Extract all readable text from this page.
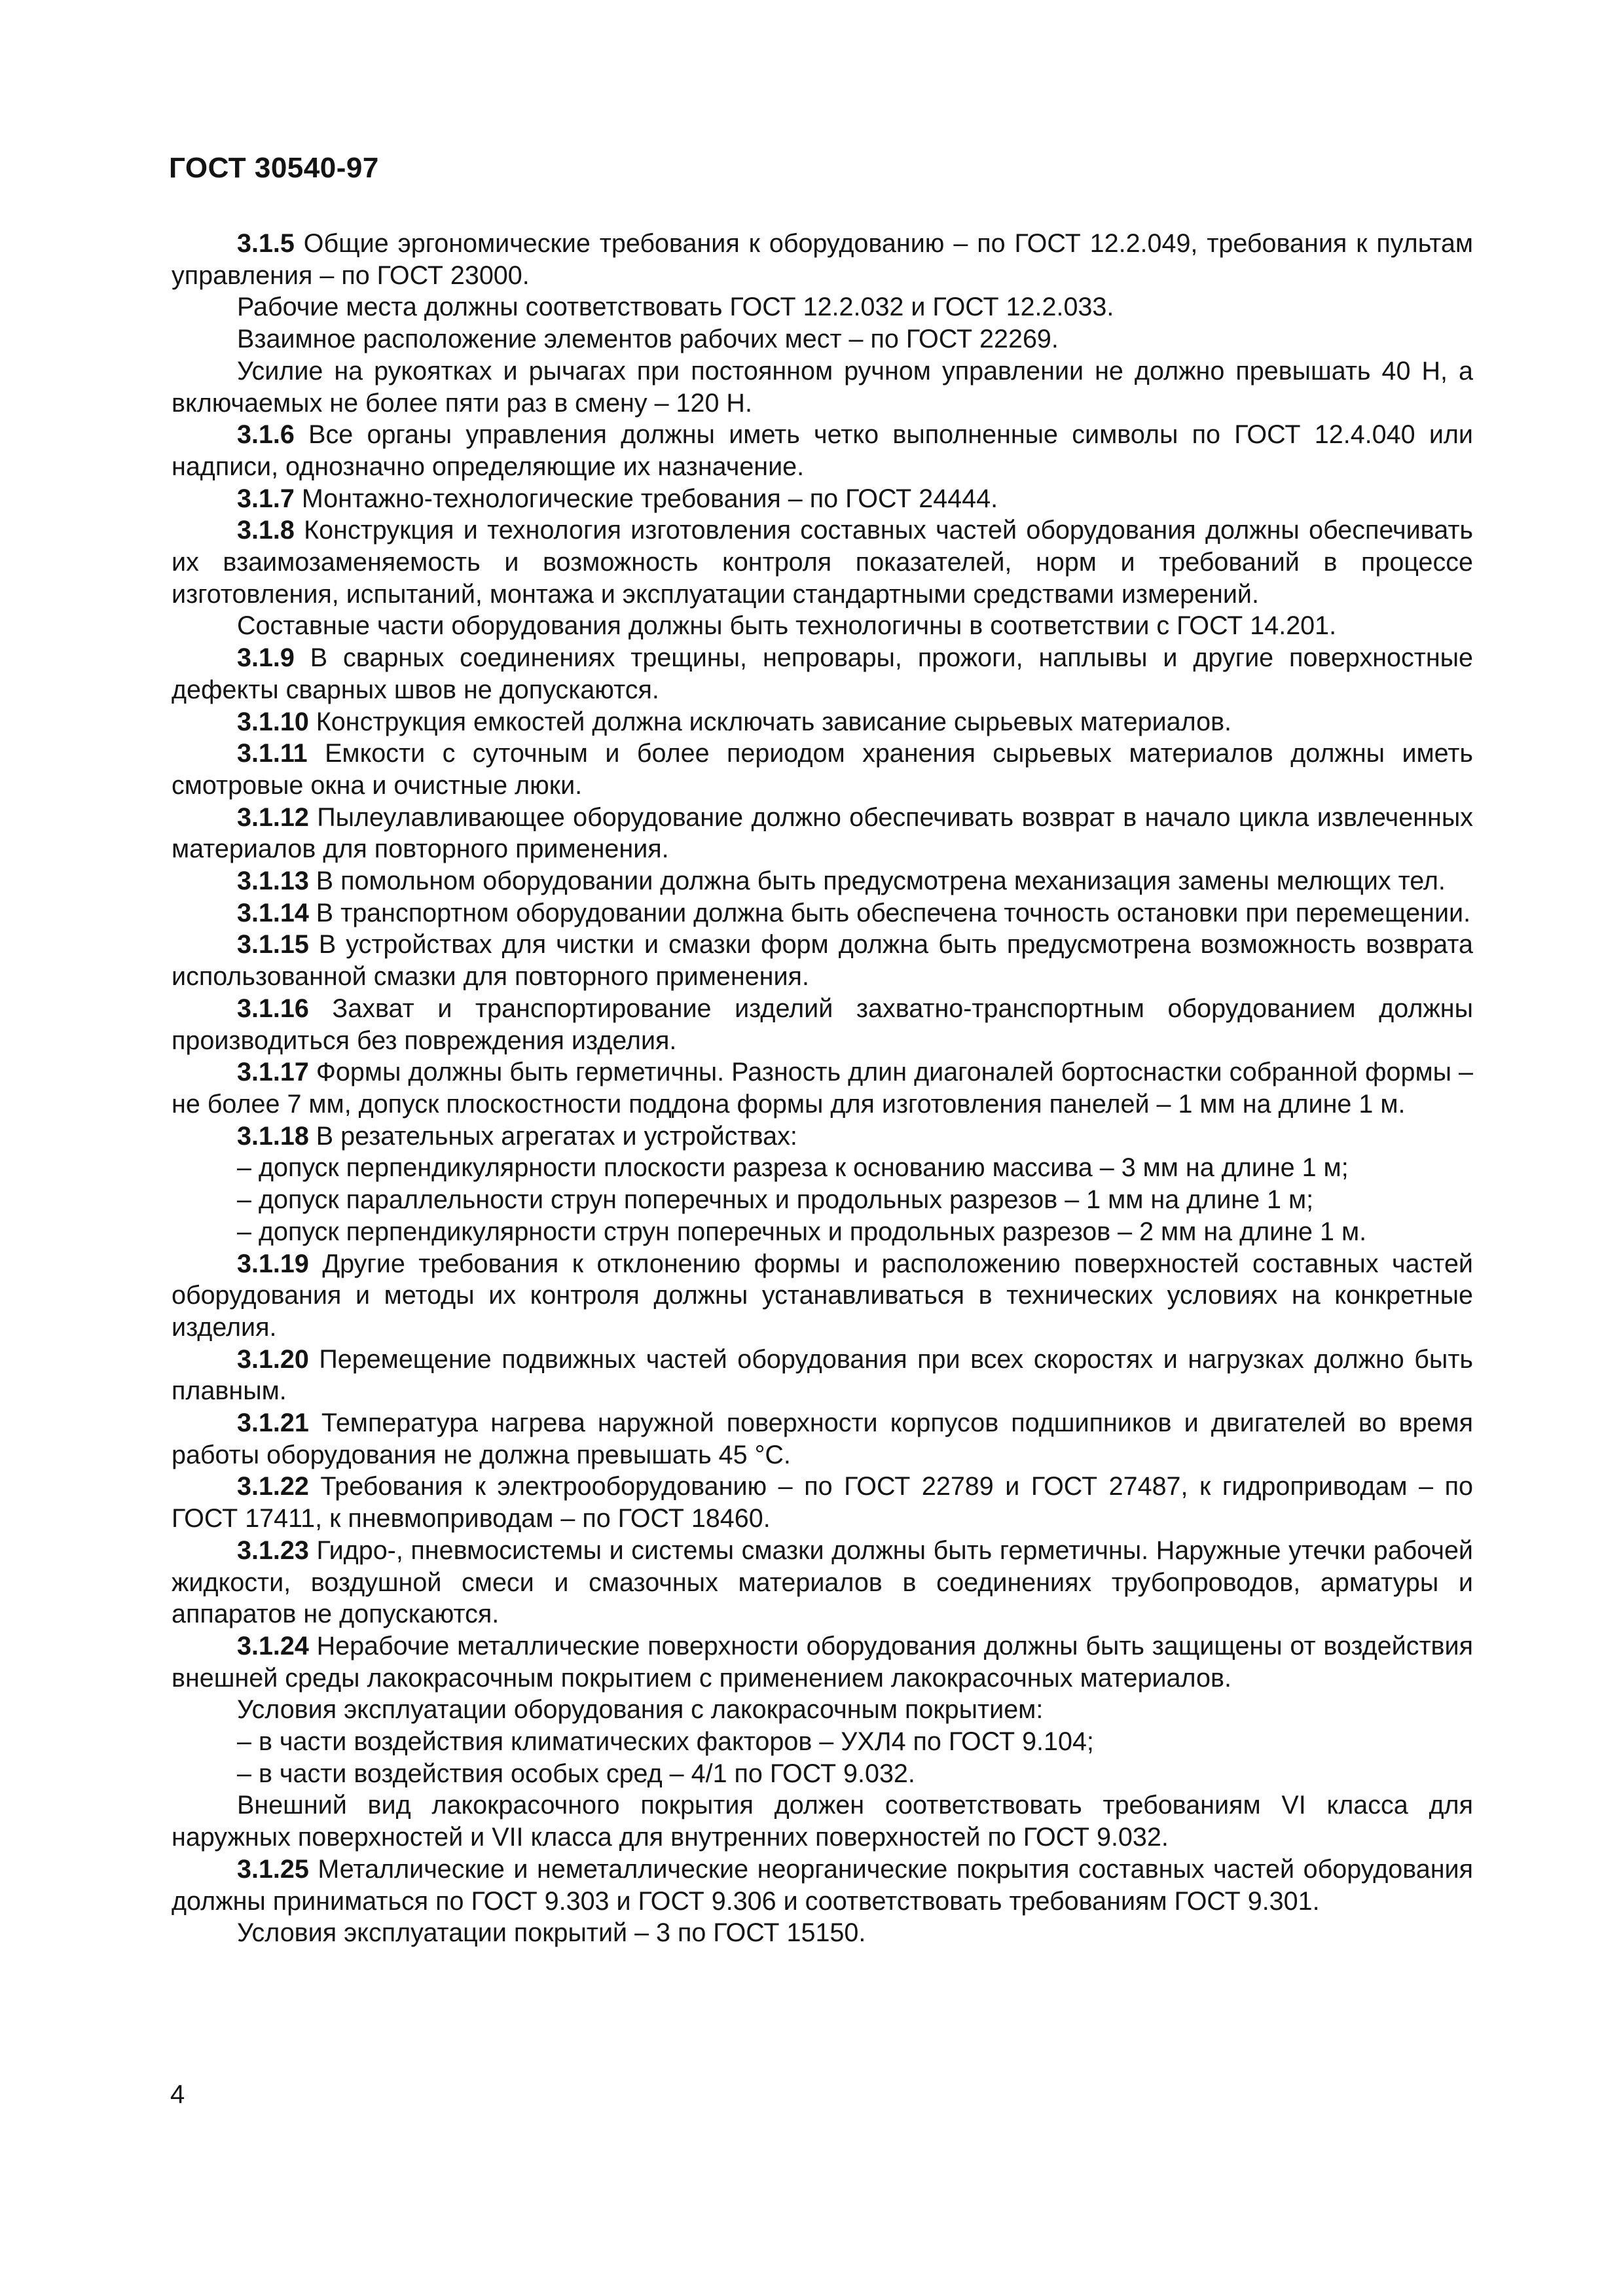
ГОСТ 30540-97

3.1.5 Общие эргономические требования к оборудованию – по ГОСТ 12.2.049, требования к пультам управления – по ГОСТ 23000.

Рабочие места должны соответствовать ГОСТ 12.2.032 и ГОСТ 12.2.033.

Взаимное расположение элементов рабочих мест – по ГОСТ 22269.

Усилие на рукоятках и рычагах при постоянном ручном управлении не должно превышать 40 Н, а включаемых не более пяти раз в смену – 120 Н.

3.1.6 Все органы управления должны иметь четко выполненные символы по ГОСТ 12.4.040 или надписи, однозначно определяющие их назначение.

3.1.7 Монтажно-технологические требования – по ГОСТ 24444.

3.1.8 Конструкция и технология изготовления составных частей оборудования должны обеспечивать их взаимозаменяемость и возможность контроля показателей, норм и требований в процессе изготовления, испытаний, монтажа и эксплуатации стандартными средствами измерений.

Составные части оборудования должны быть технологичны в соответствии с ГОСТ 14.201.

3.1.9 В сварных соединениях трещины, непровары, прожоги, наплывы и другие поверхностные дефекты сварных швов не допускаются.

3.1.10 Конструкция емкостей должна исключать зависание сырьевых материалов.

3.1.11 Емкости с суточным и более периодом хранения сырьевых материалов должны иметь смотровые окна и очистные люки.

3.1.12 Пылеулавливающее оборудование должно обеспечивать возврат в начало цикла извлеченных материалов для повторного применения.

3.1.13 В помольном оборудовании должна быть предусмотрена механизация замены мелющих тел.

3.1.14 В транспортном оборудовании должна быть обеспечена точность остановки при перемещении.

3.1.15 В устройствах для чистки и смазки форм должна быть предусмотрена возможность возврата использованной смазки для повторного применения.

3.1.16 Захват и транспортирование изделий захватно-транспортным оборудованием должны производиться без повреждения изделия.

3.1.17 Формы должны быть герметичны. Разность длин диагоналей бортоснастки собранной формы – не более 7 мм, допуск плоскостности поддона формы для изготовления панелей – 1 мм на длине 1 м.

3.1.18 В резательных агрегатах и устройствах:

– допуск перпендикулярности плоскости разреза к основанию массива – 3 мм на длине 1 м;

– допуск параллельности струн поперечных и продольных разрезов – 1 мм на длине 1 м;

– допуск перпендикулярности струн поперечных и продольных разрезов – 2 мм на длине 1 м.

3.1.19 Другие требования к отклонению формы и расположению поверхностей составных частей оборудования и методы их контроля должны устанавливаться в технических условиях на конкретные изделия.

3.1.20 Перемещение подвижных частей оборудования при всех скоростях и нагрузках должно быть плавным.

3.1.21 Температура нагрева наружной поверхности корпусов подшипников и двигателей во время работы оборудования не должна превышать 45 °С.

3.1.22 Требования к электрооборудованию – по ГОСТ 22789 и ГОСТ 27487, к гидроприводам – по ГОСТ 17411, к пневмоприводам – по ГОСТ 18460.

3.1.23 Гидро-, пневмосистемы и системы смазки должны быть герметичны. Наружные утечки рабочей жидкости, воздушной смеси и смазочных материалов в соединениях трубопроводов, арматуры и аппаратов не допускаются.

3.1.24 Нерабочие металлические поверхности оборудования должны быть защищены от воздействия внешней среды лакокрасочным покрытием с применением лакокрасочных материалов.

Условия эксплуатации оборудования с лакокрасочным покрытием:

– в части воздействия климатических факторов – УХЛ4 по ГОСТ 9.104;

– в части воздействия особых сред – 4/1 по ГОСТ 9.032.

Внешний вид лакокрасочного покрытия должен соответствовать требованиям VI класса для наружных поверхностей и VII класса для внутренних поверхностей по ГОСТ 9.032.

3.1.25 Металлические и неметаллические неорганические покрытия составных частей оборудования должны приниматься по ГОСТ 9.303 и ГОСТ 9.306 и соответствовать требованиям ГОСТ 9.301.

Условия эксплуатации покрытий – 3 по ГОСТ 15150.

4
